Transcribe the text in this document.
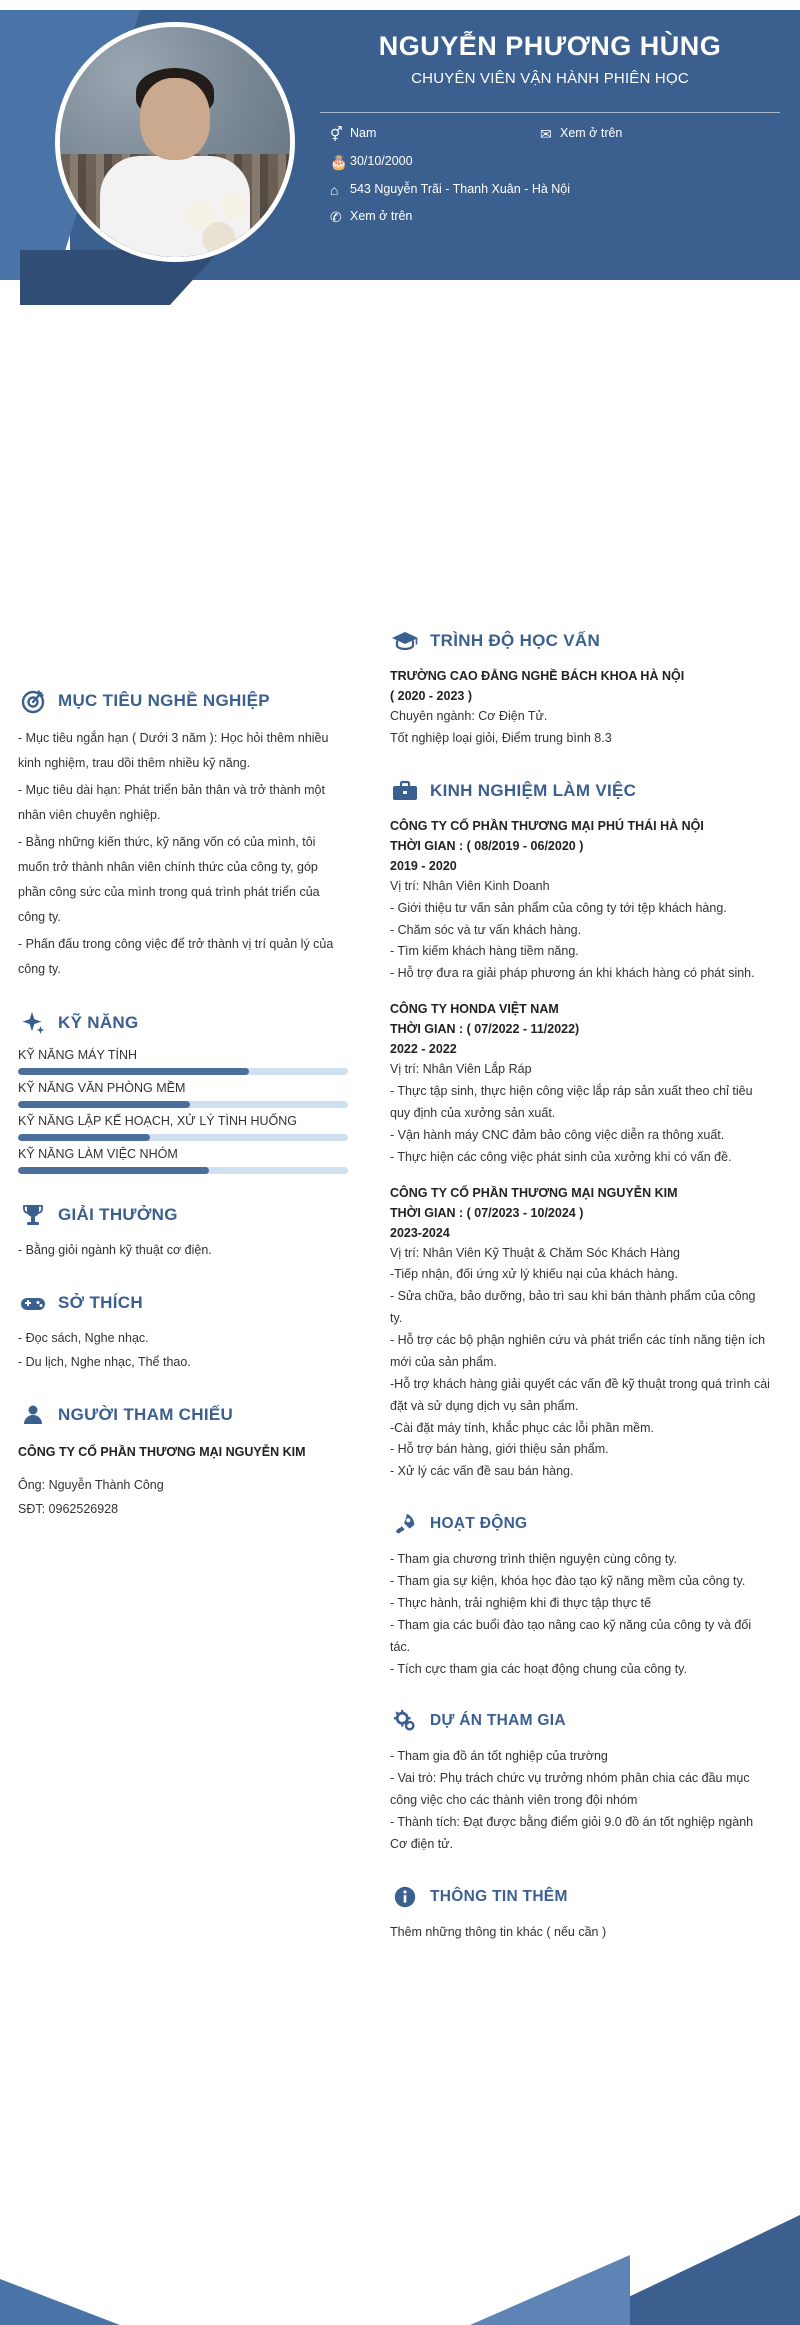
NGUYỄN PHƯƠNG HÙNG
CHUYÊN VIÊN VẬN HÀNH PHIÊN HỌC
⚥ Nam	✉ Xem ở trên
🎂 30/10/2000
⌂ 543 Nguyễn Trãi - Thanh Xuân - Hà Nội
✆ Xem ở trên
MỤC TIÊU NGHỀ NGHIỆP

- Mục tiêu ngắn hạn ( Dưới 3 năm ): Học hỏi thêm nhiều kinh nghiệm, trau dồi thêm nhiều kỹ năng.

- Mục tiêu dài hạn: Phát triển bản thân và trở thành một nhân viên chuyên nghiệp.

- Bằng những kiến thức, kỹ năng vốn có của mình, tôi muốn trở thành nhân viên chính thức của công ty, góp phần công sức của mình trong quá trình phát triển của công ty.

- Phấn đấu trong công việc để trở thành vị trí quản lý của công ty.

KỸ NĂNG
KỸ NĂNG MÁY TÍNH
KỸ NĂNG VĂN PHÒNG MỀM
KỸ NĂNG LẬP KẾ HOẠCH, XỬ LÝ TÌNH HUỐNG
KỸ NĂNG LÀM VIỆC NHÓM
GIẢI THƯỞNG

- Bằng giỏi ngành kỹ thuật cơ điện.

SỞ THÍCH

- Đọc sách, Nghe nhạc.

- Du lịch, Nghe nhạc, Thể thao.

NGƯỜI THAM CHIẾU

CÔNG TY CỔ PHẦN THƯƠNG MẠI NGUYỄN KIM

Ông: Nguyễn Thành Công

SĐT: 0962526928

TRÌNH ĐỘ HỌC VẤN
TRƯỜNG CAO ĐẲNG NGHỀ BÁCH KHOA HÀ NỘI
( 2020 - 2023 )
Chuyên ngành: Cơ Điện Tử.
Tốt nghiệp loại giỏi, Điểm trung bình 8.3
KINH NGHIỆM LÀM VIỆC
CÔNG TY CỔ PHẦN THƯƠNG MẠI PHÚ THÁI HÀ NỘI
THỜI GIAN : ( 08/2019 - 06/2020 )
2019 - 2020
Vị trí: Nhân Viên Kinh Doanh
- Giới thiệu tư vấn sản phẩm của công ty tới tệp khách hàng.
- Chăm sóc và tư vấn khách hàng.
- Tìm kiếm khách hàng tiềm năng.
- Hỗ trợ đưa ra giải pháp phương án khi khách hàng có phát sinh.
CÔNG TY HONDA VIỆT NAM
THỜI GIAN : ( 07/2022 - 11/2022)
2022 - 2022
Vị trí: Nhân Viên Lắp Ráp
- Thực tập sinh, thực hiện công việc lắp ráp sản xuất theo chỉ tiêu quy định của xưởng sản xuất.
- Vận hành máy CNC đảm bảo công việc diễn ra thông xuất.
- Thực hiện các công việc phát sinh của xưởng khi có vấn đề.
CÔNG TY CỔ PHẦN THƯƠNG MẠI NGUYỄN KIM
THỜI GIAN : ( 07/2023 - 10/2024 )
2023-2024
Vị trí: Nhân Viên Kỹ Thuật & Chăm Sóc Khách Hàng
-Tiếp nhận, đối ứng xử lý khiếu nại của khách hàng.
- Sửa chữa, bảo dưỡng, bảo trì sau khi bán thành phẩm của công ty.
- Hỗ trợ các bộ phận nghiên cứu và phát triển các tính năng tiện ích mới của sản phẩm.
-Hỗ trợ khách hàng giải quyết các vấn đề kỹ thuật trong quá trình cài đặt và sử dụng dịch vụ sản phẩm.
-Cài đặt máy tính, khắc phục các lỗi phần mềm.
- Hỗ trợ bán hàng, giới thiệu sản phẩm.
- Xử lý các vấn đề sau bán hàng.
HOẠT ĐỘNG
- Tham gia chương trình thiện nguyện cùng công ty.
- Tham gia sự kiện, khóa học đào tạo kỹ năng mềm của công ty.
- Thực hành, trải nghiệm khi đi thực tập thực tế
- Tham gia các buổi đào tạo nâng cao kỹ năng của công ty và đối tác.
- Tích cực tham gia các hoạt động chung của công ty.
DỰ ÁN THAM GIA
- Tham gia đồ án tốt nghiệp của trường
- Vai trò: Phụ trách chức vụ trưởng nhóm phân chia các đầu mục công việc cho các thành viên trong đội nhóm
- Thành tích: Đạt được bằng điểm giỏi 9.0 đồ án tốt nghiệp ngành Cơ điện tử.
THÔNG TIN THÊM
Thêm những thông tin khác ( nếu cần )
